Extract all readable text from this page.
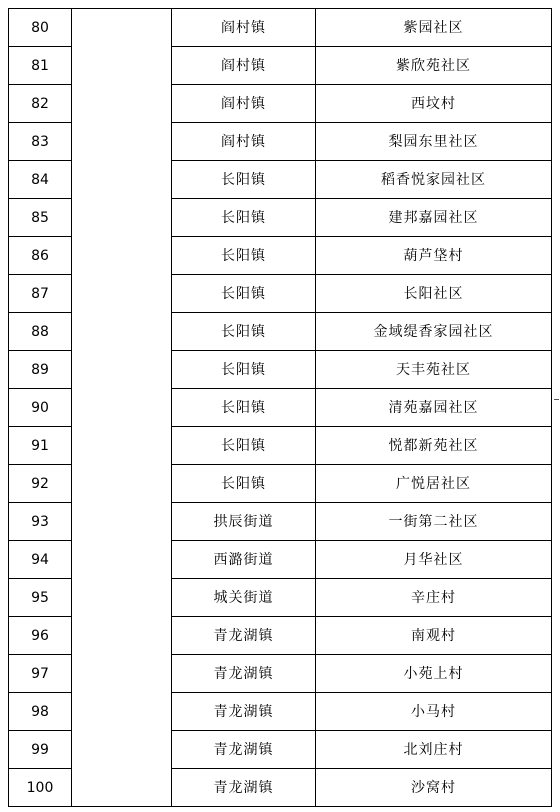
80		阎村镇	紫园社区
81		阎村镇	紫欣苑社区
82		阎村镇	西坟村
83		阎村镇	梨园东里社区
84		长阳镇	稻香悦家园社区
85		长阳镇	建邦嘉园社区
86		长阳镇	葫芦垡村
87		长阳镇	长阳社区
88		长阳镇	金域缇香家园社区
89		长阳镇	天丰苑社区
90		长阳镇	清苑嘉园社区
91		长阳镇	悦都新苑社区
92		长阳镇	广悦居社区
93		拱辰街道	一街第二社区
94		西潞街道	月华社区
95		城关街道	辛庄村
96		青龙湖镇	南观村
97		青龙湖镇	小苑上村
98		青龙湖镇	小马村
99		青龙湖镇	北刘庄村
100		青龙湖镇	沙窝村
